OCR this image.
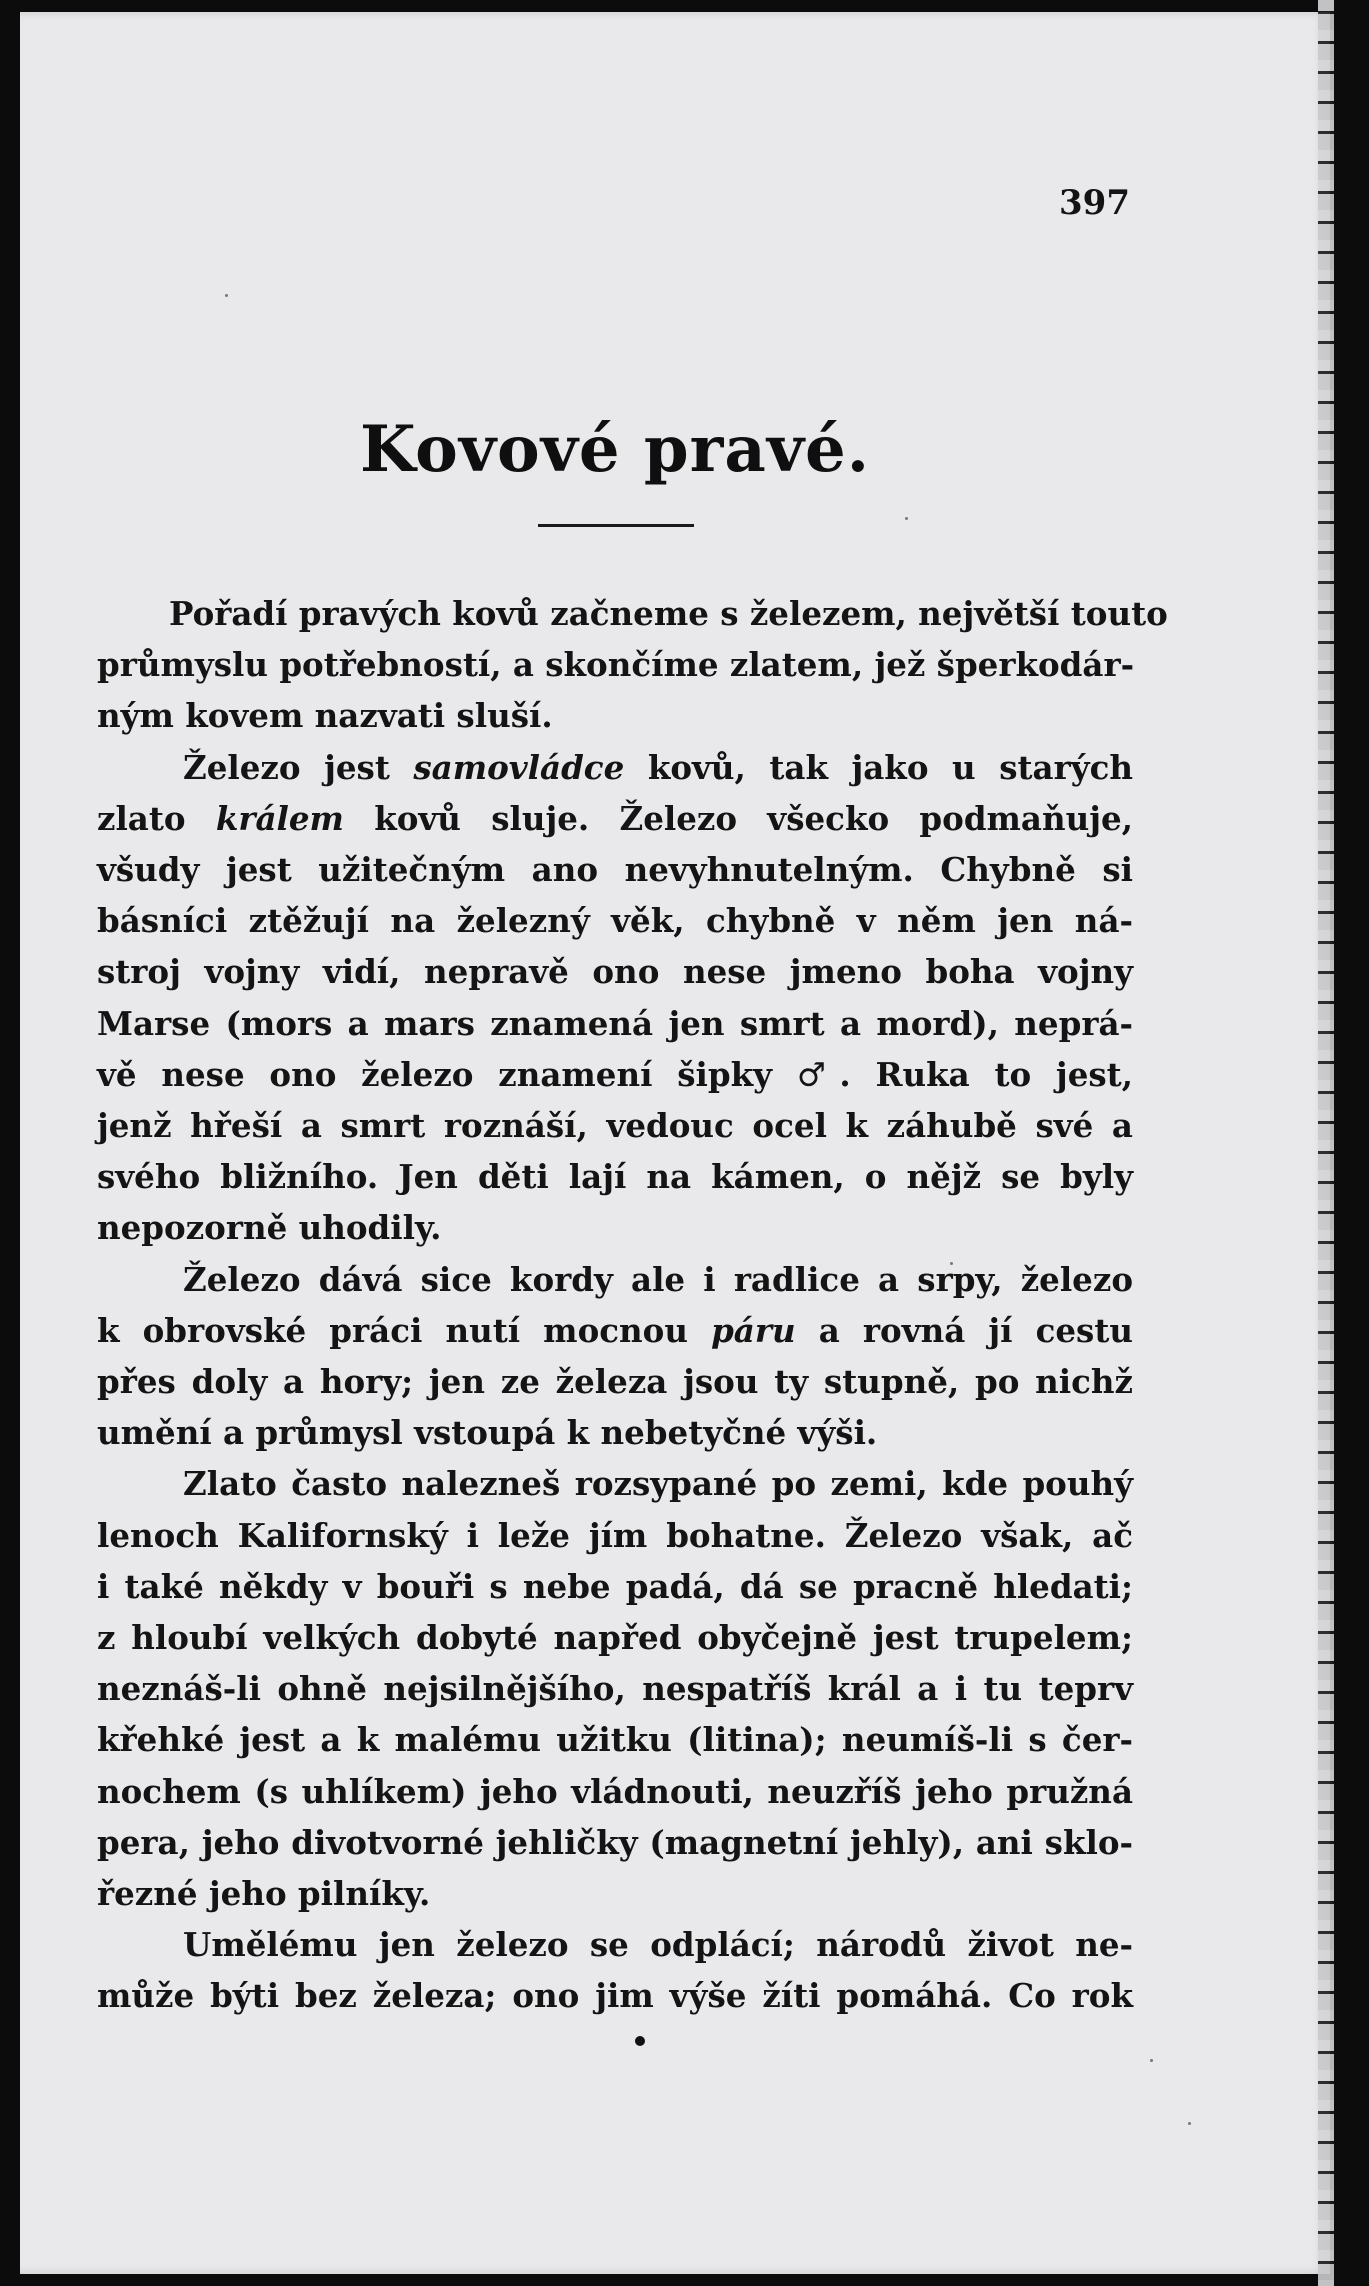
397
Kovové pravé.
Pořadí pravých kovů začneme s železem, největší touto
průmyslu potřebností, a skončíme zlatem, jež šperkodár-
ným kovem nazvati sluší.
Železo jest samovládce kovů, tak jako u starých
zlato králem kovů sluje. Železo všecko podmaňuje,
všudy jest užitečným ano nevyhnutelným. Chybně si
básníci ztěžují na železný věk, chybně v něm jen ná-
stroj vojny vidí, nepravě ono nese jmeno boha vojny
Marse (mors a mars znamená jen smrt a mord), neprá-
vě nese ono železo znamení šipky ♂. Ruka to jest,
jenž hřeší a smrt roznáší, vedouc ocel k záhubě své a
svého bližního. Jen děti lají na kámen, o nějž se byly
nepozorně uhodily.
Železo dává sice kordy ale i radlice a srpy, železo
k obrovské práci nutí mocnou páru a rovná jí cestu
přes doly a hory; jen ze železa jsou ty stupně, po nichž
umění a průmysl vstoupá k nebetyčné výši.
Zlato často nalezneš rozsypané po zemi, kde pouhý
lenoch Kalifornský i leže jím bohatne. Železo však, ač
i také někdy v bouři s nebe padá, dá se pracně hledati;
z hloubí velkých dobyté napřed obyčejně jest trupelem;
neznáš-li ohně nejsilnějšího, nespatříš král a i tu teprv
křehké jest a k malému užitku (litina); neumíš-li s čer-
nochem (s uhlíkem) jeho vládnouti, neuzříš jeho pružná
pera, jeho divotvorné jehličky (magnetní jehly), ani sklo-
řezné jeho pilníky.
Umělému jen železo se odplácí; národů život ne-
může býti bez železa; ono jim výše žíti pomáhá. Co rok
